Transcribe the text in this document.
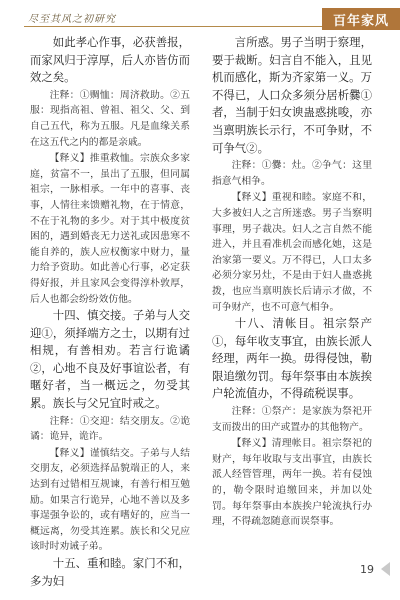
尽至其风之初研究	百年家风

如此孝心作事，必获善报，而家风归于淳厚，后人亦皆仿而效之矣。

注释：①赒恤：周济救助。②五服：现指高祖、曾祖、祖父、父、到自己五代，称为五服。凡是血缘关系在这五代之内的都是亲戚。

【释义】推重救恤。宗族众多家庭，贫富不一，虽出了五服，但同属祖宗，一脉相承。一年中的喜事、丧事，人情往来馈赠礼物，在于情意，不在于礼物的多少。对于其中极度贫困的，遇到婚丧无力送礼或因患寒不能自养的，族人应权衡家中财力，量力给予资助。如此善心行事，必定获得好报，并且家风会变得淳朴敦厚，后人也都会纷纷效仿他。

十四、慎交接。子弟与人交迎①，须择端方之士，以期有过相规，有善相劝。若言行诡谲②，心地不良及好事谊讼者，有暱好者，当一概远之，勿受其累。族长与父兄宜时戒之。

注释：①交迎：结交朋友。②诡谲：诡异，诡诈。

【释义】谨慎结交。子弟与人结交朋友，必须选择品貌端正的人，来达到有过错相互规谏，有善行相互勉励。如果言行诡异，心地不善以及多事逞强争讼的，或有嗜好的，应当一概远离，勿受其连累。族长和父兄应该时时劝诫子弟。

十五、重和睦。家门不和，多为妇

言所惑。男子当明于察理，要于裁断。妇言自不能入，且见机而感化，斯为齐家第一义。万不得已，人口众多须分居析爨①者，当制于妇女谀蛊惑挑唆，亦当禀明族长示行，不可争财，不可争气②。

注释：①爨：灶。②争气：这里指意气相争。

【释义】重视和睦。家庭不和，大多被妇人之言所迷惑。男子当察明事理，男子裁决。妇人之言自然不能进入，并且看准机会而感化她，这是治家第一要义。万不得已，人口太多必须分家另灶，不是由于妇人蛊惑挑拨，也应当禀明族长后请示才做，不可争财产，也不可意气相争。

十八、清帐目。祖宗祭产①，每年收支事宜，由族长派人经理，两年一换。毋得侵蚀，勒限追缴勿罚。每年祭事由本族挨户轮流值办，不得疏税误事。

注释：①祭产：是家族为祭祀开支而拨出的田产或置办的其他物产。

【释义】清理帐目。祖宗祭祀的财产，每年收取与支出事宜，由族长派人经管管理，两年一换。若有侵蚀的，勒令限时追缴回来，并加以处罚。每年祭事由本族挨户轮流执行办理，不得疏忽随意而误祭事。

19
